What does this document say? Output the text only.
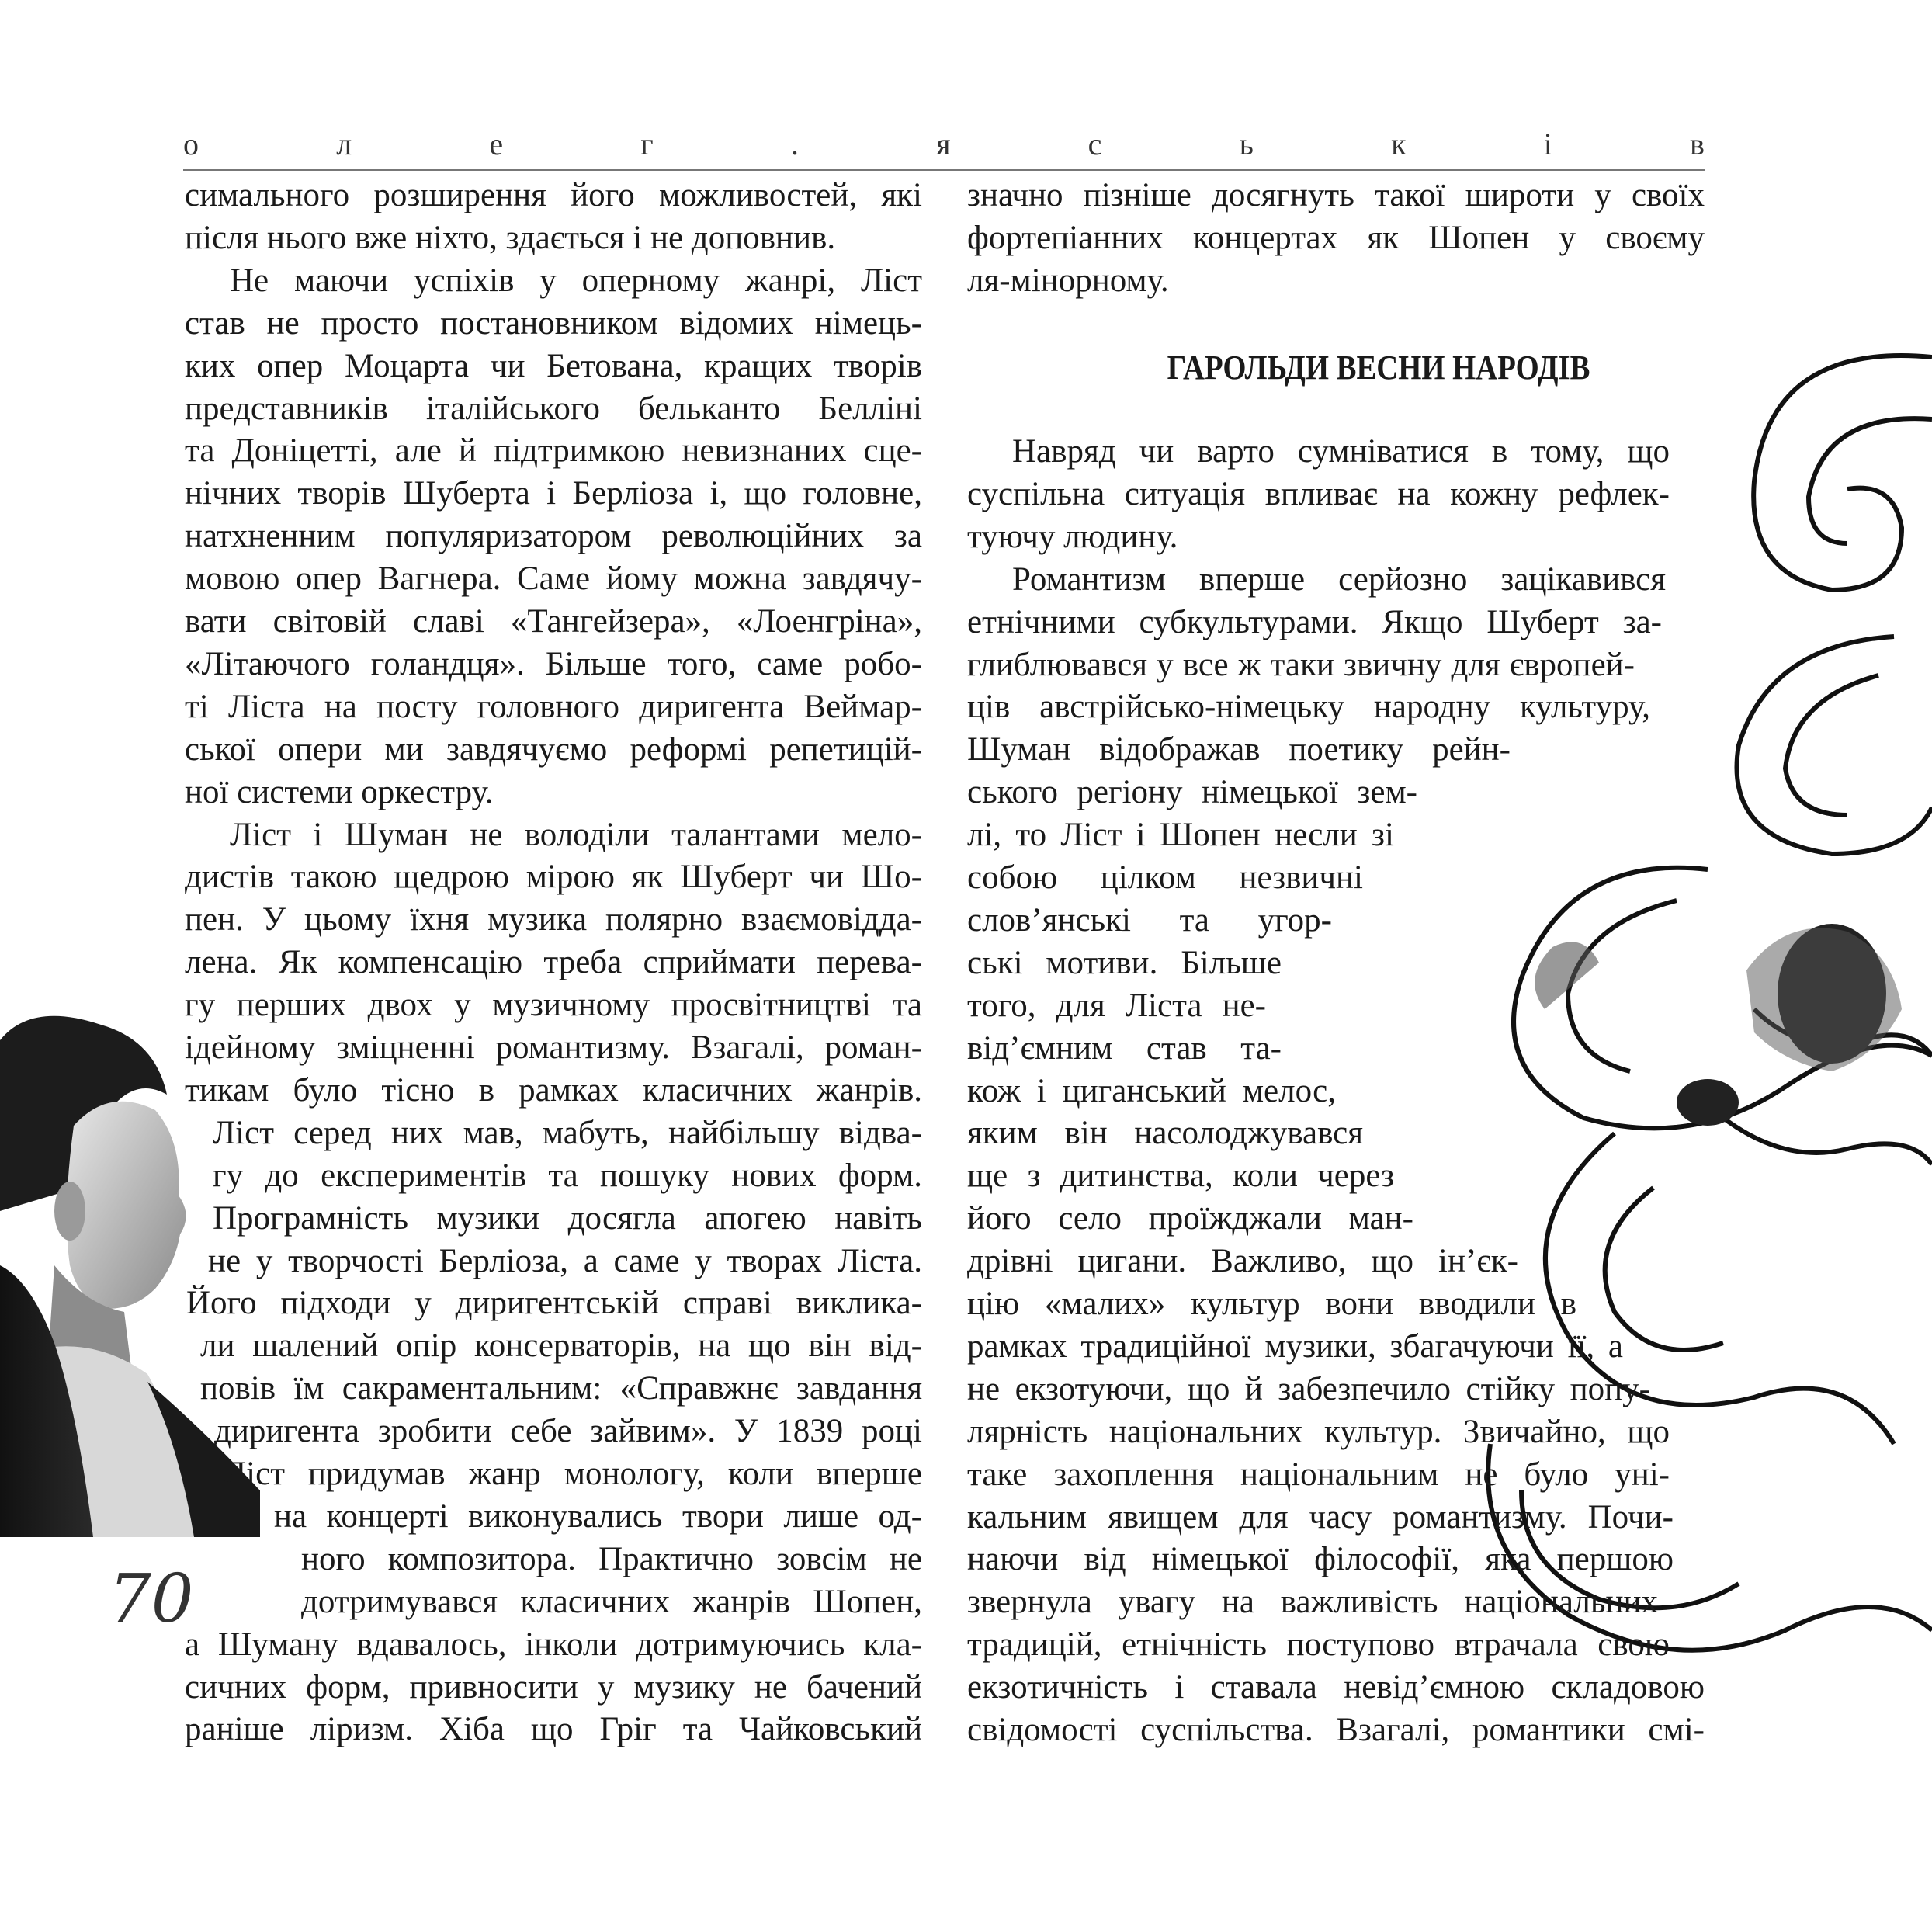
о	л	е	г	.	я	с	ь	к	і	в
симального розширення його можливостей, які
після нього вже ніхто, здається і не доповнив.
Не маючи успіхів у оперному жанрі, Ліст
став не просто постановником відомих німець-
ких опер Моцарта чи Бетована, кращих творів
представників італійського бельканто Белліні
та Доніцетті, але й підтримкою невизнаних сце-
нічних творів Шуберта і Берліоза і, що головне,
натхненним популяризатором революційних за
мовою опер Вагнера. Саме йому можна завдячу-
вати світовій славі «Тангейзера», «Лоенгріна»,
«Літаючого голандця». Більше того, саме робо-
ті Ліста на посту головного диригента Веймар-
ської опери ми завдячуємо реформі репетицій-
ної системи оркестру.
Ліст і Шуман не володіли талантами мело-
дистів такою щедрою мірою як Шуберт чи Шо-
пен. У цьому їхня музика полярно взаємовідда-
лена. Як компенсацію треба сприймати перева-
гу перших двох у музичному просвітництві та
ідейному зміцненні романтизму. Взагалі, роман-
тикам було тісно в рамках класичних жанрів.
Ліст серед них мав, мабуть, найбільшу відва-
гу до експериментів та пошуку нових форм.
Програмність музики досягла апогею навіть
не у творчості Берліоза, а саме у творах Ліста.
Його підходи у диригентській справі виклика-
ли шалений опір консерваторів, на що він від-
повів їм сакраментальним: «Справжнє завдання
диригента зробити себе зайвим». У 1839 році
Ліст придумав жанр монологу, коли вперше
на концерті виконувались твори лише од-
ного композитора. Практично зовсім не
дотримувався класичних жанрів Шопен,
а Шуману вдавалось, інколи дотримуючись кла-
сичних форм, привносити у музику не бачений
раніше ліризм. Хіба що Гріг та Чайковський
значно пізніше досягнуть такої широти у своїх
фортепіанних концертах як Шопен у своєму
ля-мінорному.
Навряд чи варто сумніватися в тому, що
суспільна ситуація впливає на кожну рефлек-
туючу людину.
Романтизм вперше серйозно зацікавився
етнічними субкультурами. Якщо Шуберт за-
глиблювався у все ж таки звичну для європей-
ців австрійсько-німецьку народну культуру,
Шуман відображав поетику рейн-
ського регіону німецької зем-
лі, то Ліст і Шопен несли зі
собою цілком незвичні
слов’янські та угор-
ські мотиви. Більше
того, для Ліста не-
від’ємним став та-
кож і циганський мелос,
яким він насолоджувався
ще з дитинства, коли через
його село проїжджали ман-
дрівні цигани. Важливо, що ін’єк-
цію «малих» культур вони вводили в
рамках традиційної музики, збагачуючи її, а
не екзотуючи, що й забезпечило стійку попу-
лярність національних культур. Звичайно, що
таке захоплення національним не було уні-
кальним явищем для часу романтизму. Почи-
наючи від німецької філософії, яка першою
звернула увагу на важливість національних
традицій, етнічність поступово втрачала свою
екзотичність і ставала невід’ємною складовою
свідомості суспільства. Взагалі, романтики смі-
ГАРОЛЬДИ ВЕСНИ НАРОДІВ
70
